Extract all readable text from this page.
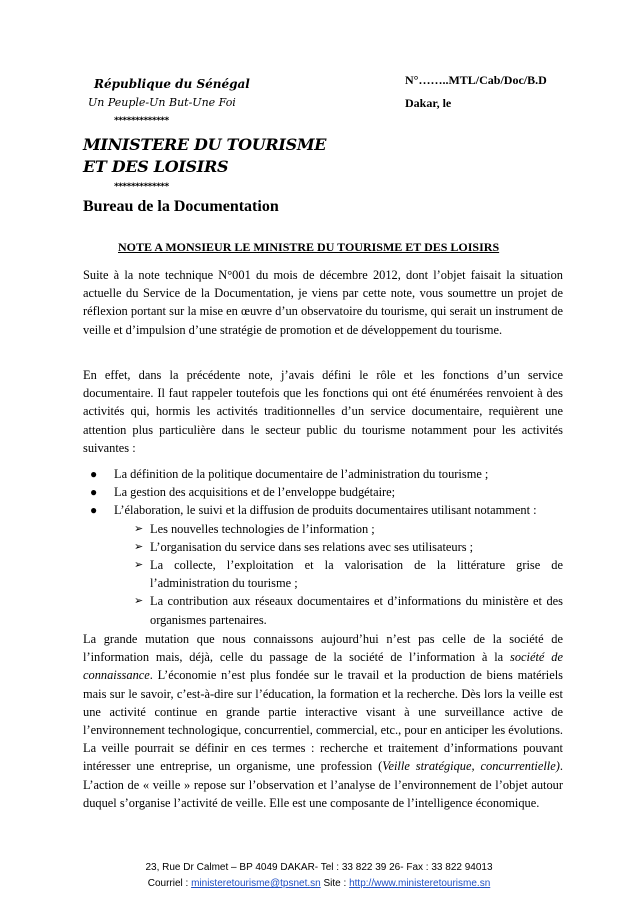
République du Sénégal
Un Peuple-Un But-Une Foi
*************
MINISTERE DU TOURISME
ET DES LOISIRS
*************
Bureau de la Documentation
N°……..MTL/Cab/Doc/B.D
Dakar, le
NOTE A MONSIEUR LE MINISTRE DU TOURISME ET DES LOISIRS

Suite à la note technique N°001 du mois de décembre 2012, dont l’objet faisait la situation actuelle du Service de la Documentation, je viens par cette note, vous soumettre un projet de réflexion portant sur la mise en œuvre d’un observatoire du tourisme, qui serait un instrument de veille et d’impulsion d’une stratégie de promotion et de développement du tourisme.

En effet, dans la précédente note, j’avais défini le rôle et les fonctions d’un service documentaire. Il faut rappeler toutefois que les fonctions qui ont été énumérées renvoient à des activités qui, hormis les activités traditionnelles d’un service documentaire, requièrent une attention plus particulière dans le secteur public du tourisme notamment pour les activités suivantes :

● La définition de la politique documentaire de l’administration du tourisme ;
● La gestion des acquisitions et de l’enveloppe budgétaire;
● L’élaboration, le suivi et la diffusion de produits documentaires utilisant notamment :
➢ Les nouvelles technologies de l’information ;
➢ L’organisation du service dans ses relations avec ses utilisateurs ;
➢ La collecte, l’exploitation et la valorisation de la littérature grise de l’administration du tourisme ;
➢ La contribution aux réseaux documentaires et d’informations du ministère et des organismes partenaires.

La grande mutation que nous connaissons aujourd’hui n’est pas celle de la société de l’information mais, déjà, celle du passage de la société de l’information à la société de connaissance. L’économie n’est plus fondée sur le travail et la production de biens matériels mais sur le savoir, c’est-à-dire sur l’éducation, la formation et la recherche. Dès lors la veille est une activité continue en grande partie interactive visant à une surveillance active de l’environnement technologique, concurrentiel, commercial, etc., pour en anticiper les évolutions. La veille pourrait se définir en ces termes : recherche et traitement d’informations pouvant intéresser une entreprise, un organisme, une profession (Veille stratégique, concurrentielle). L’action de « veille » repose sur l’observation et l’analyse de l’environnement de l’objet autour duquel s’organise l’activité de veille. Elle est une composante de l’intelligence économique.

23, Rue Dr Calmet – BP 4049 DAKAR- Tel : 33 822 39 26- Fax : 33 822 94013
Courriel : ministeretourisme@tpsnet.sn Site : http://www.ministeretourisme.sn
